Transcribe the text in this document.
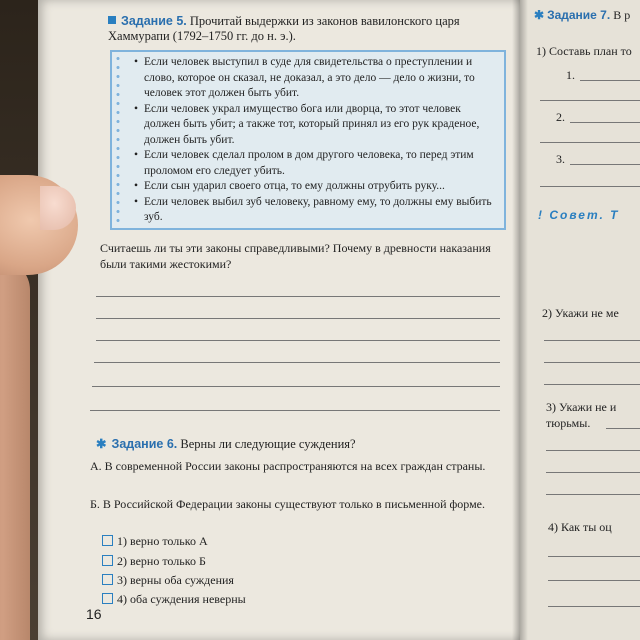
Задание 5. Прочитай выдержки из законов вавилонского царя Хаммурапи (1792–1750 гг. до н. э.).
• Если человек выступил в суде для свидетельства о преступлении и слово, которое он сказал, не доказал, а это дело — дело о жизни, то человек этот должен быть убит.
• Если человек украл имущество бога или дворца, то этот человек должен быть убит; а также тот, который принял из его рук краденое, должен быть убит.
• Если человек сделал пролом в дом другого человека, то перед этим проломом его следует убить.
• Если сын ударил своего отца, то ему должны отрубить руку...
• Если человек выбил зуб человеку, равному ему, то должны ему выбить зуб.
Считаешь ли ты эти законы справедливыми? Почему в древности наказания были такими жестокими?
✱ Задание 6. Верны ли следующие суждения?
А. В современной России законы распространяются на всех граждан страны.
Б. В Российской Федерации законы существуют только в письменной форме.
1) верно только А
2) верно только Б
3) верны оба суждения
4) оба суждения неверны
16
✱ Задание 7. В р
1) Составь план то
1.
2.
3.
! Совет. Т
2) Укажи не ме
3) Укажи не и
тюрьмы.
4) Как ты оц
